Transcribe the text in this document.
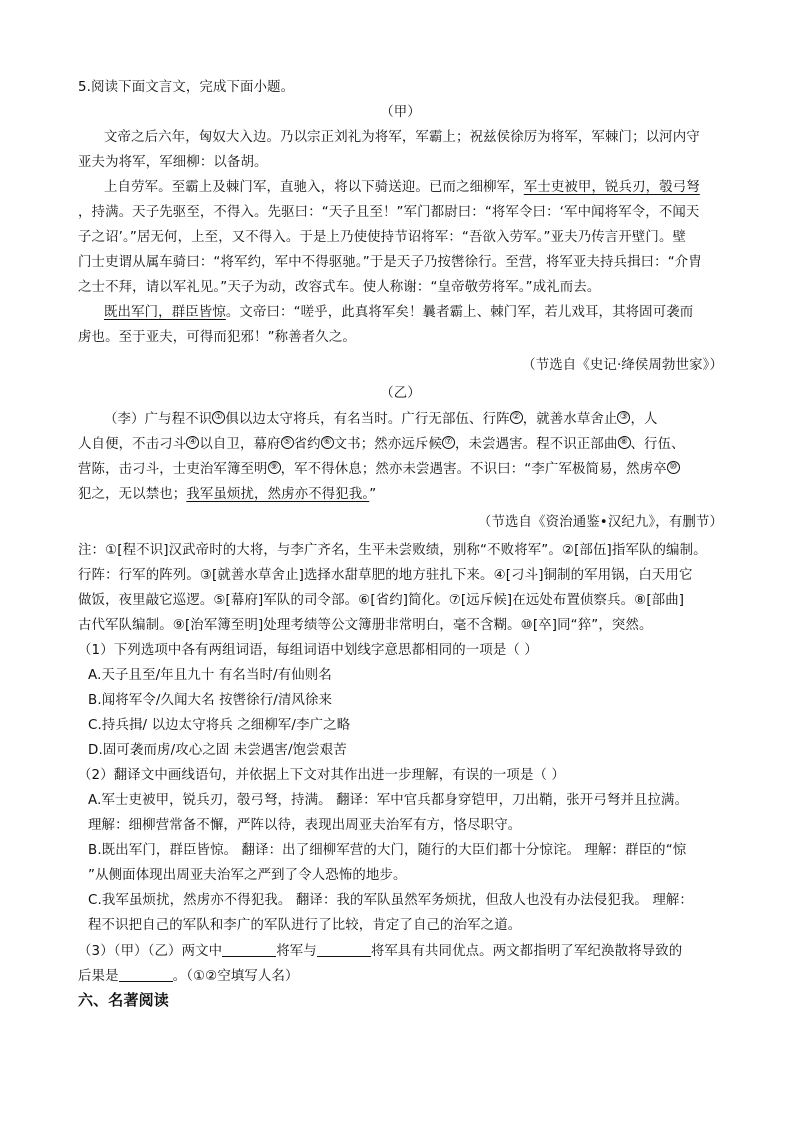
5.阅读下面文言文，完成下面小题。
（甲）
文帝之后六年，匈奴大入边。乃以宗正刘礼为将军，军霸上；祝兹侯徐厉为将军，军棘门；以河内守
亚夫为将军，军细柳：以备胡。
上自劳军。至霸上及棘门军，直驰入，将以下骑送迎。已而之细柳军，军士吏被甲，锐兵刃，彀弓弩
，持满。天子先驱至，不得入。先驱曰：“天子且至！”军门都尉曰：“将军令曰：‘军中闻将军令，不闻天
子之诏’。”居无何，上至，又不得入。于是上乃使使持节诏将军：“吾欲入劳军。”亚夫乃传言开壁门。壁
门士吏谓从属车骑曰：“将军约，军中不得驱驰。”于是天子乃按辔徐行。至营，将军亚夫持兵揖曰：“介胄
之士不拜，请以军礼见。”天子为动，改容式车。使人称谢：“皇帝敬劳将军。”成礼而去。
既出军门，群臣皆惊。文帝曰：“嗟乎，此真将军矣！曩者霸上、棘门军，若儿戏耳，其将固可袭而
虏也。至于亚夫，可得而犯邪！”称善者久之。
（节选自《史记·绛侯周勃世家》）
（乙）
（李）广与程不识 ① 俱以边太守将兵，有名当时。广行无部伍、行阵 ② ，就善水草舍止 ③ ，人
人自便，不击刁斗 ④ 以自卫，幕府 ⑤ 省约 ⑥ 文书；然亦远斥候 ⑦ ，未尝遇害。程不识正部曲 ⑧ 、行伍、
营陈，击刁斗，士吏治军簿至明 ⑨ ，军不得休息；然亦未尝遇害。不识曰：“李广军极简易，然虏卒 ⑩
犯之，无以禁也；我军虽烦扰，然虏亦不得犯我。”
（节选自《资治通鉴•汉纪九》，有删节）
注：①[程不识]汉武帝时的大将，与李广齐名，生平未尝败绩，别称“不败将军”。②[部伍]指军队的编制。
行阵：行军的阵列。③[就善水草舍止]选择水甜草肥的地方驻扎下来。④[刁斗]铜制的军用锅，白天用它
做饭，夜里敲它巡逻。⑤[幕府]军队的司令部。⑥[省约]简化。⑦[远斥候]在远处布置侦察兵。⑧[部曲]
古代军队编制。⑨[治军簿至明]处理考绩等公文簿册非常明白，毫不含糊。⑩[卒]同“猝”，突然。
（1）下列选项中各有两组词语，每组词语中划线字意思都相同的一项是（ ）
A.天子且至/年且九十 有名当时/有仙则名
B.闻将军令/久闻大名 按辔徐行/清风徐来
C.持兵揖/ 以边太守将兵 之细柳军/李广之略
D.固可袭而虏/攻心之固 未尝遇害/饱尝艰苦
（2）翻译文中画线语句，并依据上下文对其作出进一步理解，有误的一项是（ ）
A.军士吏被甲，锐兵刃，彀弓弩，持满。 翻译：军中官兵都身穿铠甲，刀出鞘，张开弓弩并且拉满。
理解：细柳营常备不懈，严阵以待，表现出周亚夫治军有方，恪尽职守。
B.既出军门，群臣皆惊。 翻译：出了细柳军营的大门，随行的大臣们都十分惊诧。 理解：群臣的“惊
”从侧面体现出周亚夫治军之严到了令人恐怖的地步。
C.我军虽烦扰，然虏亦不得犯我。 翻译：我的军队虽然军务烦扰，但敌人也没有办法侵犯我。 理解：
程不识把自己的军队和李广的军队进行了比较，肯定了自己的治军之道。
（3）（甲）（乙）两文中	将军与	将军具有共同优点。两文都指明了军纪涣散将导致的
后果是	。（①②空填写人名）
六、名著阅读
